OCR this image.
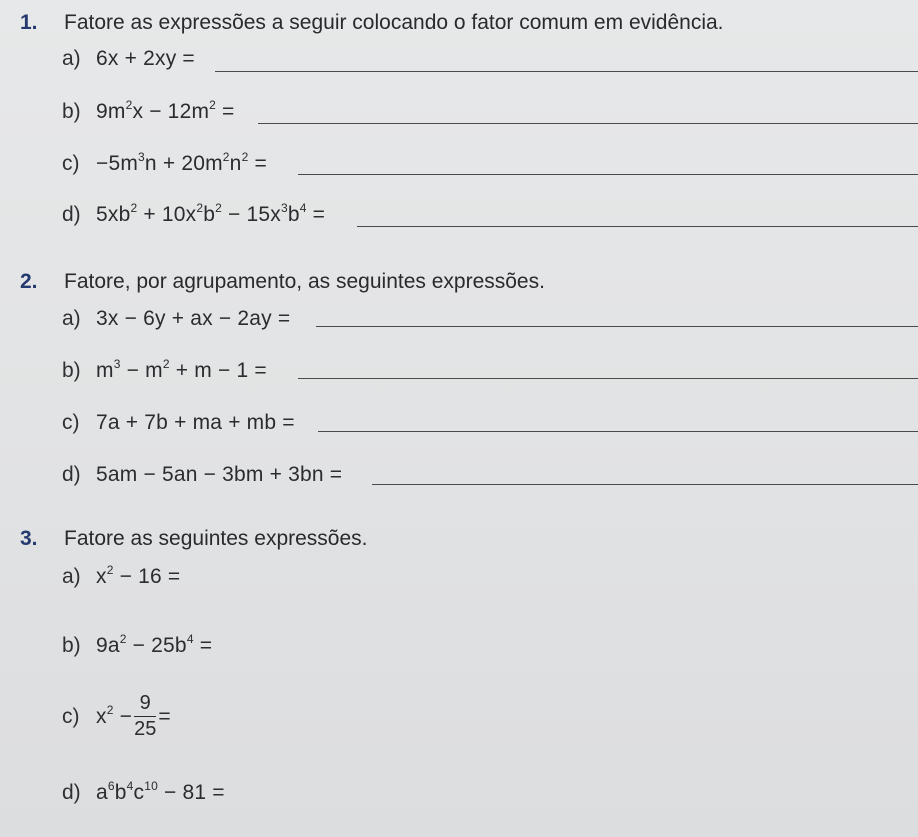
1. Fatore as expressões a seguir colocando o fator comum em evidência.
a) 6x + 2xy =
b) $9m^2x - 12m^2$ =
$c) -5m^3n + 20m^2n^2$ =
d) $5xb^2 + 10x^2b^2 - 15x^3b^4$ =
2. Fatore, por agrupamento, as seguintes expressões.
a) 3x − 6y + ax − 2ay =
b) $m^3 - m^2 + m - 1$ =
c) 7a + 7b + ma + mb =
d) 5am − 5an − 3bm + 3bn =
3. Fatore as seguintes expressões.
a) $x^2 - 16$ =
b) $9a^2 - 25b^4$ =
c) $x^2 - \frac{9}{25}$ =
d) $a^6b^4c^{10} - 81$ =
